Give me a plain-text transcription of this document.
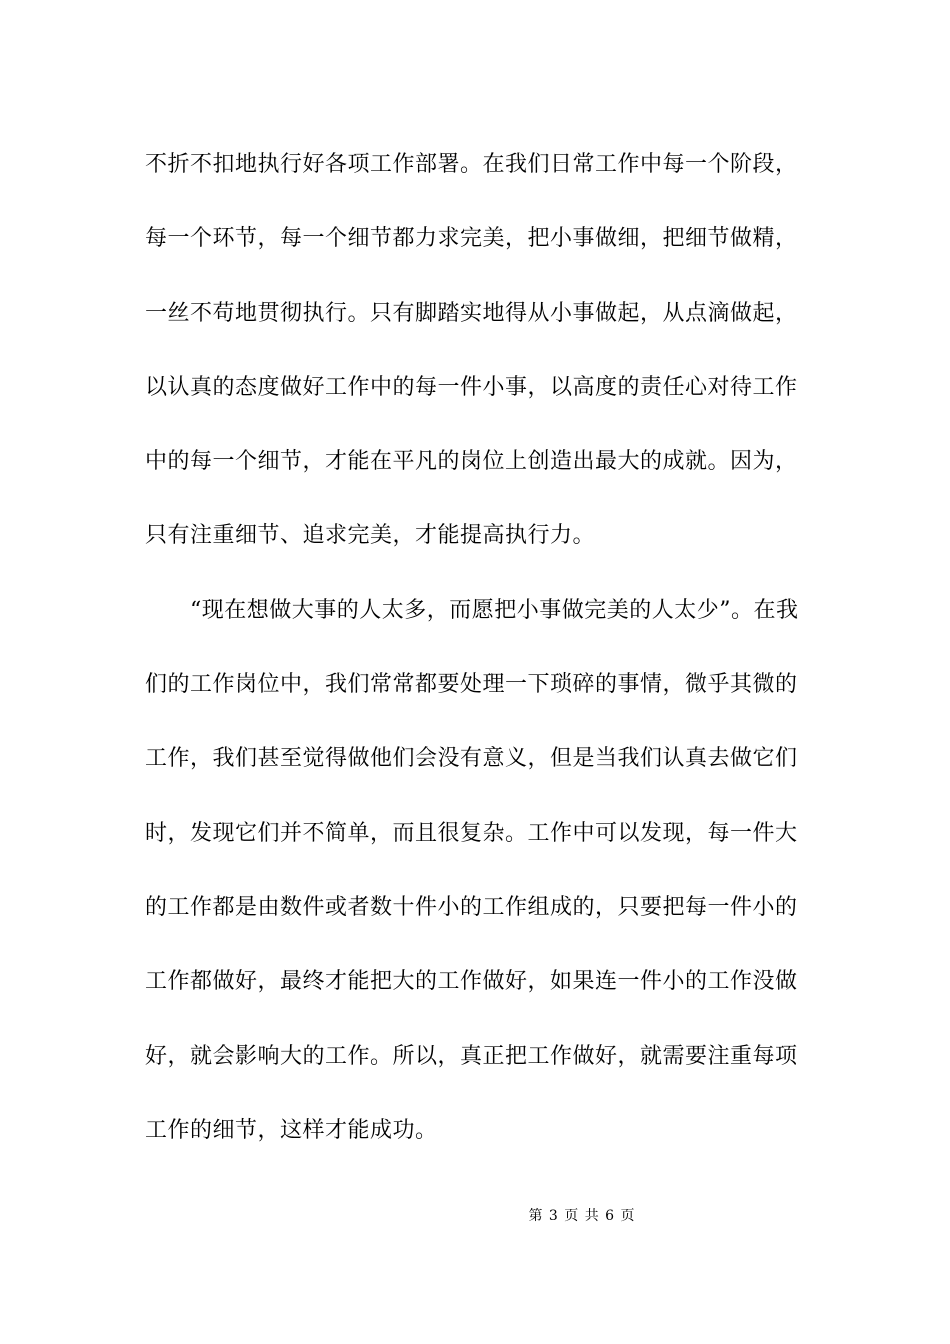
不折不扣地执行好各项工作部署。在我们日常工作中每一个阶段，每一个环节，每一个细节都力求完美，把小事做细，把细节做精，一丝不苟地贯彻执行。只有脚踏实地得从小事做起，从点滴做起，以认真的态度做好工作中的每一件小事，以高度的责任心对待工作中的每一个细节，才能在平凡的岗位上创造出最大的成就。因为，只有注重细节、追求完美，才能提高执行力。

　　“现在想做大事的人太多，而愿把小事做完美的人太少”。在我们的工作岗位中，我们常常都要处理一下琐碎的事情，微乎其微的工作，我们甚至觉得做他们会没有意义，但是当我们认真去做它们时，发现它们并不简单，而且很复杂。工作中可以发现，每一件大的工作都是由数件或者数十件小的工作组成的，只要把每一件小的工作都做好，最终才能把大的工作做好，如果连一件小的工作没做好，就会影响大的工作。所以，真正把工作做好，就需要注重每项工作的细节，这样才能成功。

第 3 页 共 6 页
